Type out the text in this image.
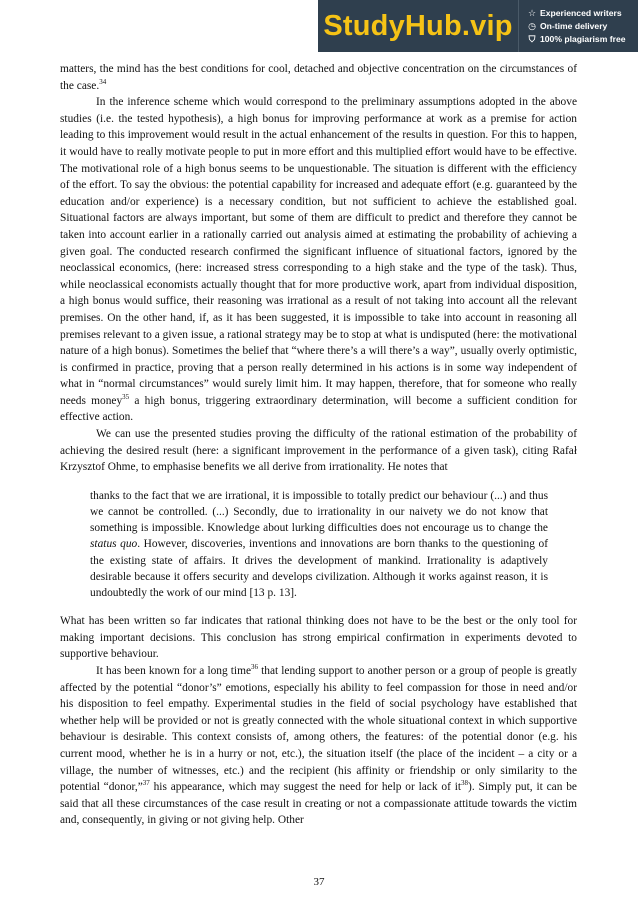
StudyHub.vip	☆ Experienced writers
◷ On-time delivery
⛉ 100% plagiarism free

matters, the mind has the best conditions for cool, detached and objective concentration on the circumstances of the case.$^{34}$

In the inference scheme which would correspond to the preliminary assumptions adopted in the above studies (i.e. the tested hypothesis), a high bonus for improving performance at work as a premise for action leading to this improvement would result in the actual enhancement of the results in question. For this to happen, it would have to really motivate people to put in more effort and this multiplied effort would have to be effective. The motivational role of a high bonus seems to be unquestionable. The situation is different with the efficiency of the effort. To say the obvious: the potential capability for increased and adequate effort (e.g. guaranteed by the education and/or experience) is a necessary condition, but not sufficient to achieve the established goal. Situational factors are always important, but some of them are difficult to predict and therefore they cannot be taken into account earlier in a rationally carried out analysis aimed at estimating the probability of achieving a given goal. The conducted research confirmed the significant influence of situational factors, ignored by the neoclassical economics, (here: increased stress corresponding to a high stake and the type of the task). Thus, while neoclassical economists actually thought that for more productive work, apart from individual disposition, a high bonus would suffice, their reasoning was irrational as a result of not taking into account all the relevant premises. On the other hand, if, as it has been suggested, it is impossible to take into account in reasoning all premises relevant to a given issue, a rational strategy may be to stop at what is undisputed (here: the motivational nature of a high bonus). Sometimes the belief that “where there’s a will there’s a way”, usually overly optimistic, is confirmed in practice, proving that a person really determined in his actions is in some way independent of what in “normal circumstances” would surely limit him. It may happen, therefore, that for someone who really needs money$^{35}$ a high bonus, triggering extraordinary determination, will become a sufficient condition for effective action.

We can use the presented studies proving the difficulty of the rational estimation of the probability of achieving the desired result (here: a significant improvement in the performance of a given task), citing Rafał Krzysztof Ohme, to emphasise benefits we all derive from irrationality. He notes that

thanks to the fact that we are irrational, it is impossible to totally predict our behaviour (...) and thus we cannot be controlled. (...) Secondly, due to irrationality in our naivety we do not know that something is impossible. Knowledge about lurking difficulties does not encourage us to change the status quo. However, discoveries, inventions and innovations are born thanks to the questioning of the existing state of affairs. It drives the development of mankind. Irrationality is adaptively desirable because it offers security and develops civilization. Although it works against reason, it is undoubtedly the work of our mind [13 p. 13].

What has been written so far indicates that rational thinking does not have to be the best or the only tool for making important decisions. This conclusion has strong empirical confirmation in experiments devoted to supportive behaviour.

It has been known for a long time$^{36}$ that lending support to another person or a group of people is greatly affected by the potential “donor’s” emotions, especially his ability to feel compassion for those in need and/or his disposition to feel empathy. Experimental studies in the field of social psychology have established that whether help will be provided or not is greatly connected with the whole situational context in which supportive behaviour is desirable. This context consists of, among others, the features: of the potential donor (e.g. his current mood, whether he is in a hurry or not, etc.), the situation itself (the place of the incident – a city or a village, the number of witnesses, etc.) and the recipient (his affinity or friendship or only similarity to the potential “donor,”$^{37}$ his appearance, which may suggest the need for help or lack of $it^{38}$). Simply put, it can be said that all these circumstances of the case result in creating or not a compassionate attitude towards the victim and, consequently, in giving or not giving help. Other

37
